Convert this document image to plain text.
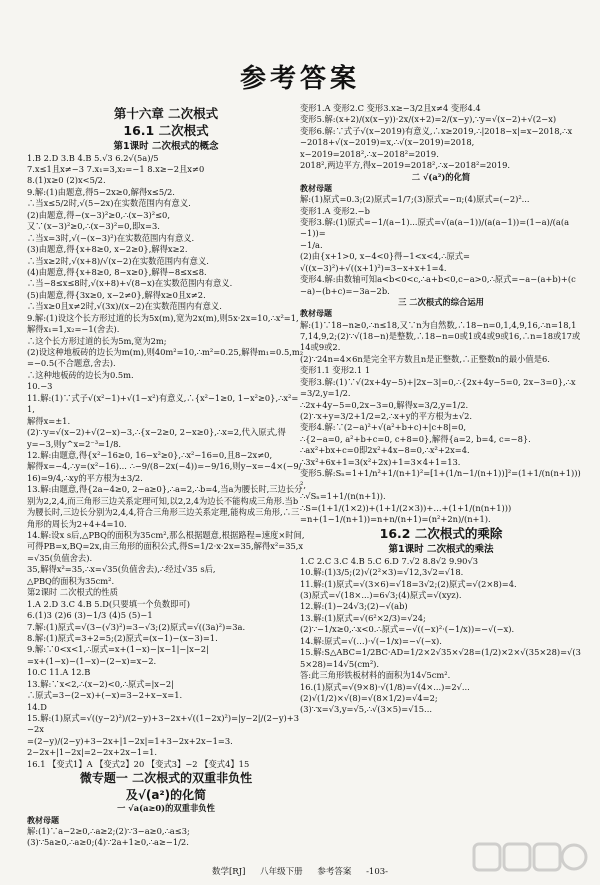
参考答案

第十六章 二次根式

16.1 二次根式

第1课时 二次根式的概念

1.B 2.D 3.B 4.B 5.√3 6.2√(5a)/5

7.x≤1且x≠−3 7.x₁=3,x₂=−1 8.x≥−2且x≠0

8.(1)x≥0 (2)x<5/2.

9.解:(1)由题意,得5−2x≥0,解得x≤5/2.

∴当x≤5/2时,√(5−2x)在实数范围内有意义.

(2)由题意,得−(x−3)²≥0,∴(x−3)²≤0,

又∵(x−3)²≥0,∴(x−3)²=0,即x=3.

∴当x=3时,√(−(x−3)²)在实数范围内有意义.

(3)由题意,得{x+8≥0, x−2≥0},解得x≥2.

∴当x≥2时,√(x+8)/√(x−2)在实数范围内有意义.

(4)由题意,得{x+8≥0, 8−x≥0},解得−8≤x≤8.

∴当−8≤x≤8时,√(x+8)+√(8−x)在实数范围内有意义.

(5)由题意,得{3x≥0, x−2≠0},解得x≥0且x≠2.

∴当x≥0且x≠2时,√(3x)/(x−2)在实数范围内有意义.

9.解:(1)设这个长方形过道的长为5x(m),宽为2x(m),则5x·2x=10,∴x²=1,解得x₁=1,x₂=−1(舍去).

∴这个长方形过道的长为5m,宽为2m;

(2)设这种地板砖的边长为m(m),则40m²=10,∴m²=0.25,解得m₁=0.5,m₂=−0.5(不合题意,舍去).

∴这种地板砖的边长为0.5m.

10.−3

11.解:(1)∵式子√(x²−1)+√(1−x²)有意义,∴{x²−1≥0, 1−x²≥0},∴x²=1,

解得x=±1.

(2)∵y=√(x−2)+√(2−x)−3,∴{x−2≥0, 2−x≥0},∴x=2,代入原式,得

y=−3,则y^x=2⁻³=1/8.

12.解:由题意,得{x²−16≥0, 16−x²≥0},∴x²−16=0,且8−2x≠0,

解得x=−4,∴y=(x²−16)... ∴−9/(8−2x(−4))=−9/16,则y−x=−4×(−9/16)=9/4,∴xy的平方根为±3/2.

13.解:由题意,得{2a−4≥0, 2−a≥0},∴a=2,∴b=4,当a为腰长时,三边长分别为2,2,4,而三角形三边关系定理可知,以2,2,4为边长不能构成三角形.当b为腰长时,三边长分别为2,4,4,符合三角形三边关系定理,能构成三角形,∴三角形的周长为2+4+4=10.

14.解:设x s后,△PBQ的面积为35cm²,那么根据题意,根据路程=速度×时间,可得PB=x,BQ=2x,由三角形的面积公式,得S=1/2·x·2x=35,解得x²=35,x=√35(负值舍去).

35,解得x²=35,∴x=√35(负值舍去),∴经过√35 s后,

△PBQ的面积为35cm².

第2课时 二次根式的性质

1.A 2.D 3.C 4.B 5.D(只要填一个负数即可)

6.(1)3 (2)6 (3)−1/3 (4)5 (5)−1

7.解:(1)原式=√(3−(√3)²)=3−√3;(2)原式=√((3a)²)=3a.

8.解:(1)原式=3+2=5;(2)原式=(x−1)−(x−3)=1.

9.解:∵0<x<1,∴原式=x+(1−x)−|x−1|−|x−2|

=x+(1−x)−(1−x)−(2−x)=x−2.

10.C 11.A 12.B

13.解:∵x<2,∴(x−2)<0,∴原式=|x−2|

∴原式=3−(2−x)+(−x)=3−2+x−x=1.

14.D

15.解:(1)原式=√((y−2)²)/(2−y)+3−2x+√((1−2x)²)=|y−2|/(2−y)+3−2x

=(2−y)/(2−y)+3−2x+|1−2x|=1+3−2x+2x−1=3.

2−2x+|1−2x|=2−2x+2x−1=1.

16.1 【变式1】A 【变式2】20 【变式3】−2 【变式4】15

微专题一 二次根式的双重非负性

及√(a²)的化简

一 √a(a≥0)的双重非负性

教材母题

解:(1)∵a−2≥0,∴a≥2;(2)∵3−a≥0,∴a≤3;

(3)∵5a≥0,∴a≥0;(4)∵2a+1≥0,∴a≥−1/2.

变形1.A 变形2.C 变形3.x≥−3/2且x≠4 变形4.4

变形5.解:(x+2)/(x(x−y))·2x/(x+2)=2/(x−y),∵y=√(x−2)+√(2−x)

变形6.解:∵式子√(x−2019)有意义,∴x≥2019,∴|2018−x|=x−2018,∴x−2018+√(x−2019)=x,∴√(x−2019)=2018,

x−2019=2018²,∴x−2018²=2019.

2018²,两边平方,得x−2019=2018²,∴x−2018²=2019.

二 √(a²)的化简

教材母题

解:(1)原式=0.3;(2)原式=1/7;(3)原式=−π;(4)原式=(−2)²...

变形1.A 变形2.−b

变形3.解:(1)原式=−1/(a−1)...原式=√(a(a−1))/(a(a−1))=(1−a)/(a(a−1))=

−1/a.

(2)由{x+1>0, x−4<0}得−1<x<4,∴原式=

√((x−3)²)+√((x+1)²)=3−x+x+1=4.

变形4.解:由数轴可知a<b<0<c,∴a+b<0,c−a>0,∴原式=−a−(a+b)+(c−a)−(b+c)=−3a−2b.

三 二次根式的综合运用

教材母题

解:(1)∵18−n≥0,∴n≤18,又∵n为自然数,∴18−n=0,1,4,9,16,∴n=18,17,14,9,2;(2)∵√(18−n)是整数,∴18−n=0或1或4或9或16,∴n=18或17或14或9或2.

(2)∵24n=4×6n是完全平方数且n是正整数,∴正整数n的最小值是6.

变形1.1 变形2.1 1

变形3.解:(1)∵√(2x+4y−5)+|2x−3|=0,∴{2x+4y−5=0, 2x−3=0},∴x=3/2,y=1/2.

∴2x+4y−5=0,2x−3=0,解得x=3/2,y=1/2.

(2)∵x+y=3/2+1/2=2,∴x+y的平方根为±√2.

变形4.解:∵(2−a)²+√(a²+b+c)+|c+8|=0,

∴{2−a=0, a²+b+c=0, c+8=0},解得{a=2, b=4, c=−8}.

∴ax²+bx+c=0即2x²+4x−8=0,∴x²+2x=4.

∴3x²+6x+1=3(x²+2x)+1=3×4+1=13.

变形5.解:Sₙ=1+1/n²+1/(n+1)²=[1+(1/n−1/(n+1))]²=(1+1/(n(n+1)))²,

∴√Sₙ=1+1/(n(n+1)).

∴S=(1+1/(1×2))+(1+1/(2×3))+…+(1+1/(n(n+1)))

=n+(1−1/(n+1))=n+n/(n+1)=(n²+2n)/(n+1).

16.2 二次根式的乘除

第1课时 二次根式的乘法

1.C 2.C 3.C 4.B 5.C 6.D 7.√2 8.8√2 9.90√3

10.解:(1)3/5;(2)√(2²×3)=√12,3√2=√18.

11.解:(1)原式=√(3×6)=√18=3√2;(2)原式=√(2×8)=4.

(3)原式=√(18×...)=6√3;(4)原式=√(xyz).

12.解:(1)−24√3;(2)−√(ab)

13.解:(1)原式=√(6²×2/3)=√24;

(2)∵−1/x≥0,∴x<0.∴原式=−√((−x)²·(−1/x))=−√(−x).

14.解:原式=√(…)·√(−1/x)=−√(−x).

15.解:S△ABC=1/2BC·AD=1/2×2√35×√28=(1/2)×2×√(35×28)=√(35×28)=14√5(cm²).

答:此三角形铁板材料的面积为14√5cm².

16.(1)原式=√(9×8)·√(1/8)=√(4×...)=2√...

(2)√(1/2)×√(8)=√(8×1/2)=√4=2;

(3)∵x=√3,y=√5,∴√(3×5)=√15...

数学[RJ] 八年级下册 参考答案 -103-
